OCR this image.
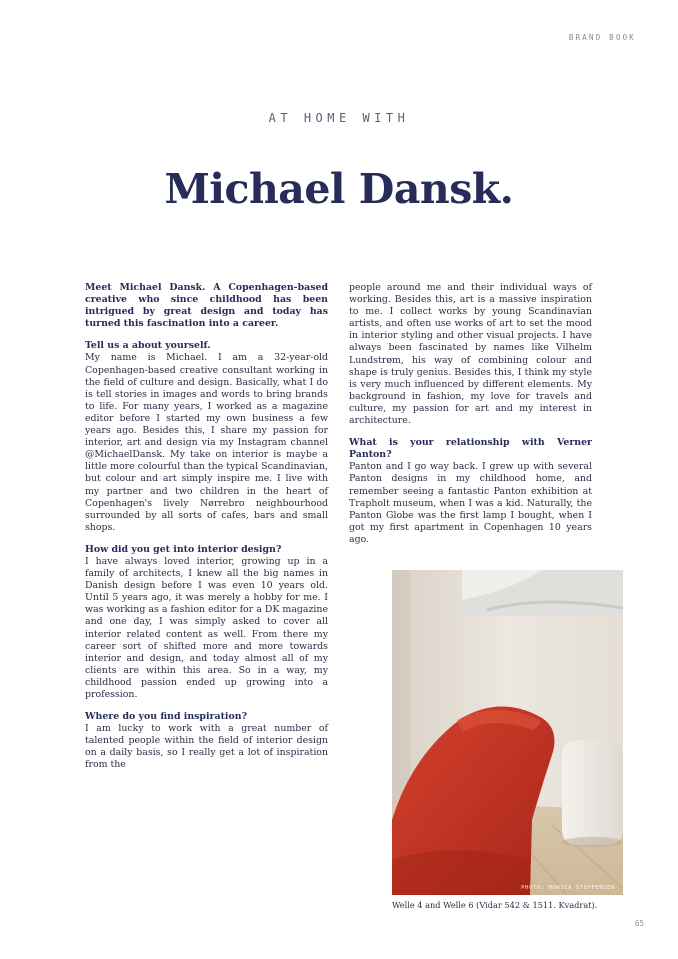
BRAND BOOK
AT HOME WITH
Michael Dansk.

Meet Michael Dansk. A Copenhagen-based creative who since childhood has been intrigued by great design and today has turned this fascination into a career.

Tell us a about yourself.

My name is Michael. I am a 32-year-old Copenhagen-based creative consultant working in the field of culture and design. Basically, what I do is tell stories in images and words to bring brands to life. For many years, I worked as a magazine editor before I started my own business a few years ago. Besides this, I share my passion for interior, art and design via my Instagram channel @MichaelDansk. My take on interior is maybe a little more colourful than the typical Scandinavian, but colour and art simply inspire me. I live with my partner and two children in the heart of Copenhagen's lively Nørrebro neighbourhood surrounded by all sorts of cafes, bars and small shops.

How did you get into interior design?

I have always loved interior, growing up in a family of architects, I knew all the big names in Danish design before I was even 10 years old. Until 5 years ago, it was merely a hobby for me. I was working as a fashion editor for a DK magazine and one day, I was simply asked to cover all interior related content as well. From there my career sort of shifted more and more towards interior and design, and today almost all of my clients are within this area. So in a way, my childhood passion ended up growing into a profession.

Where do you find inspiration?

I am lucky to work with a great number of talented people within the field of interior design on a daily basis, so I really get a lot of inspiration from the

people around me and their individual ways of working. Besides this, art is a massive inspiration to me. I collect works by young Scandinavian artists, and often use works of art to set the mood in interior styling and other visual projects. I have always been fascinated by names like Vilhelm Lundstrøm, his way of combining colour and shape is truly genius. Besides this, I think my style is very much influenced by different elements. My background in fashion, my love for travels and culture, my passion for art and my interest in architecture.

What is your relationship with Verner Panton?

Panton and I go way back. I grew up with several Panton designs in my childhood home, and remember seeing a fantastic Panton exhibition at Trapholt museum, when I was a kid. Naturally, the Panton Globe was the first lamp I bought, when I got my first apartment in Copenhagen 10 years ago.

PHOTO: MONICA STEFFENSEN
Welle 4 and Welle 6 (Vidar 542 & 1511. Kvadrat).
65
